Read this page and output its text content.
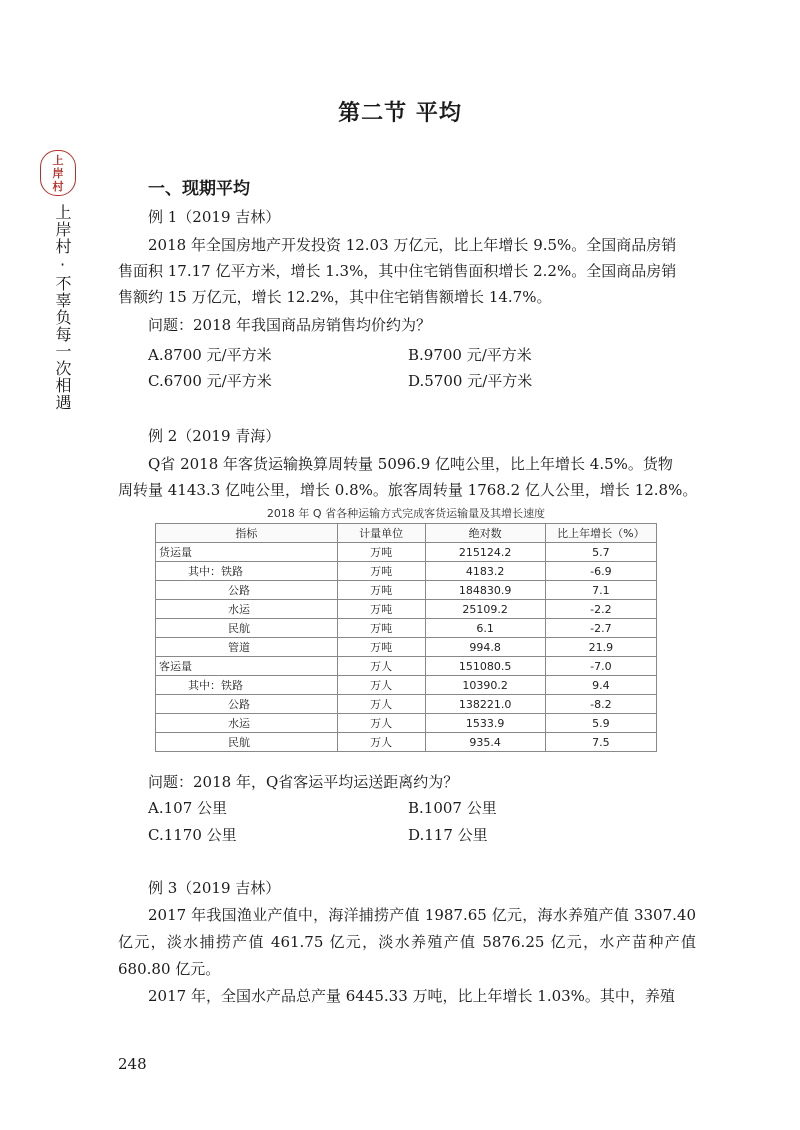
第二节 平均
上
岸
村
上岸村·不辜负每一次相遇
一、现期平均
例 1（2019 吉林）
2018 年全国房地产开发投资 12.03 万亿元，比上年增长 9.5%。全国商品房销
售面积 17.17 亿平方米，增长 1.3%，其中住宅销售面积增长 2.2%。全国商品房销
售额约 15 万亿元，增长 12.2%，其中住宅销售额增长 14.7%。
问题：2018 年我国商品房销售均价约为？
A.8700 元/平方米	B.9700 元/平方米
C.6700 元/平方米	D.5700 元/平方米
例 2（2019 青海）
Q省 2018 年客货运输换算周转量 5096.9 亿吨公里，比上年增长 4.5%。货物
周转量 4143.3 亿吨公里，增长 0.8%。旅客周转量 1768.2 亿人公里，增长 12.8%。
2018 年 Q 省各种运输方式完成客货运输量及其增长速度
指标	计量单位	绝对数	比上年增长（%）
货运量	万吨	215124.2	5.7
其中：铁路	万吨	4183.2	-6.9
公路	万吨	184830.9	7.1
水运	万吨	25109.2	-2.2
民航	万吨	6.1	-2.7
管道	万吨	994.8	21.9
客运量	万人	151080.5	-7.0
其中：铁路	万人	10390.2	9.4
公路	万人	138221.0	-8.2
水运	万人	1533.9	5.9
民航	万人	935.4	7.5
问题：2018 年，Q省客运平均运送距离约为？
A.107 公里	B.1007 公里
C.1170 公里	D.117 公里
例 3（2019 吉林）
2017 年我国渔业产值中，海洋捕捞产值 1987.65 亿元，海水养殖产值 3307.40 亿元，淡水捕捞产值 461.75 亿元，淡水养殖产值 5876.25 亿元，水产苗种产值 680.80 亿元。
2017 年，全国水产品总产量 6445.33 万吨，比上年增长 1.03%。其中，养殖
248
